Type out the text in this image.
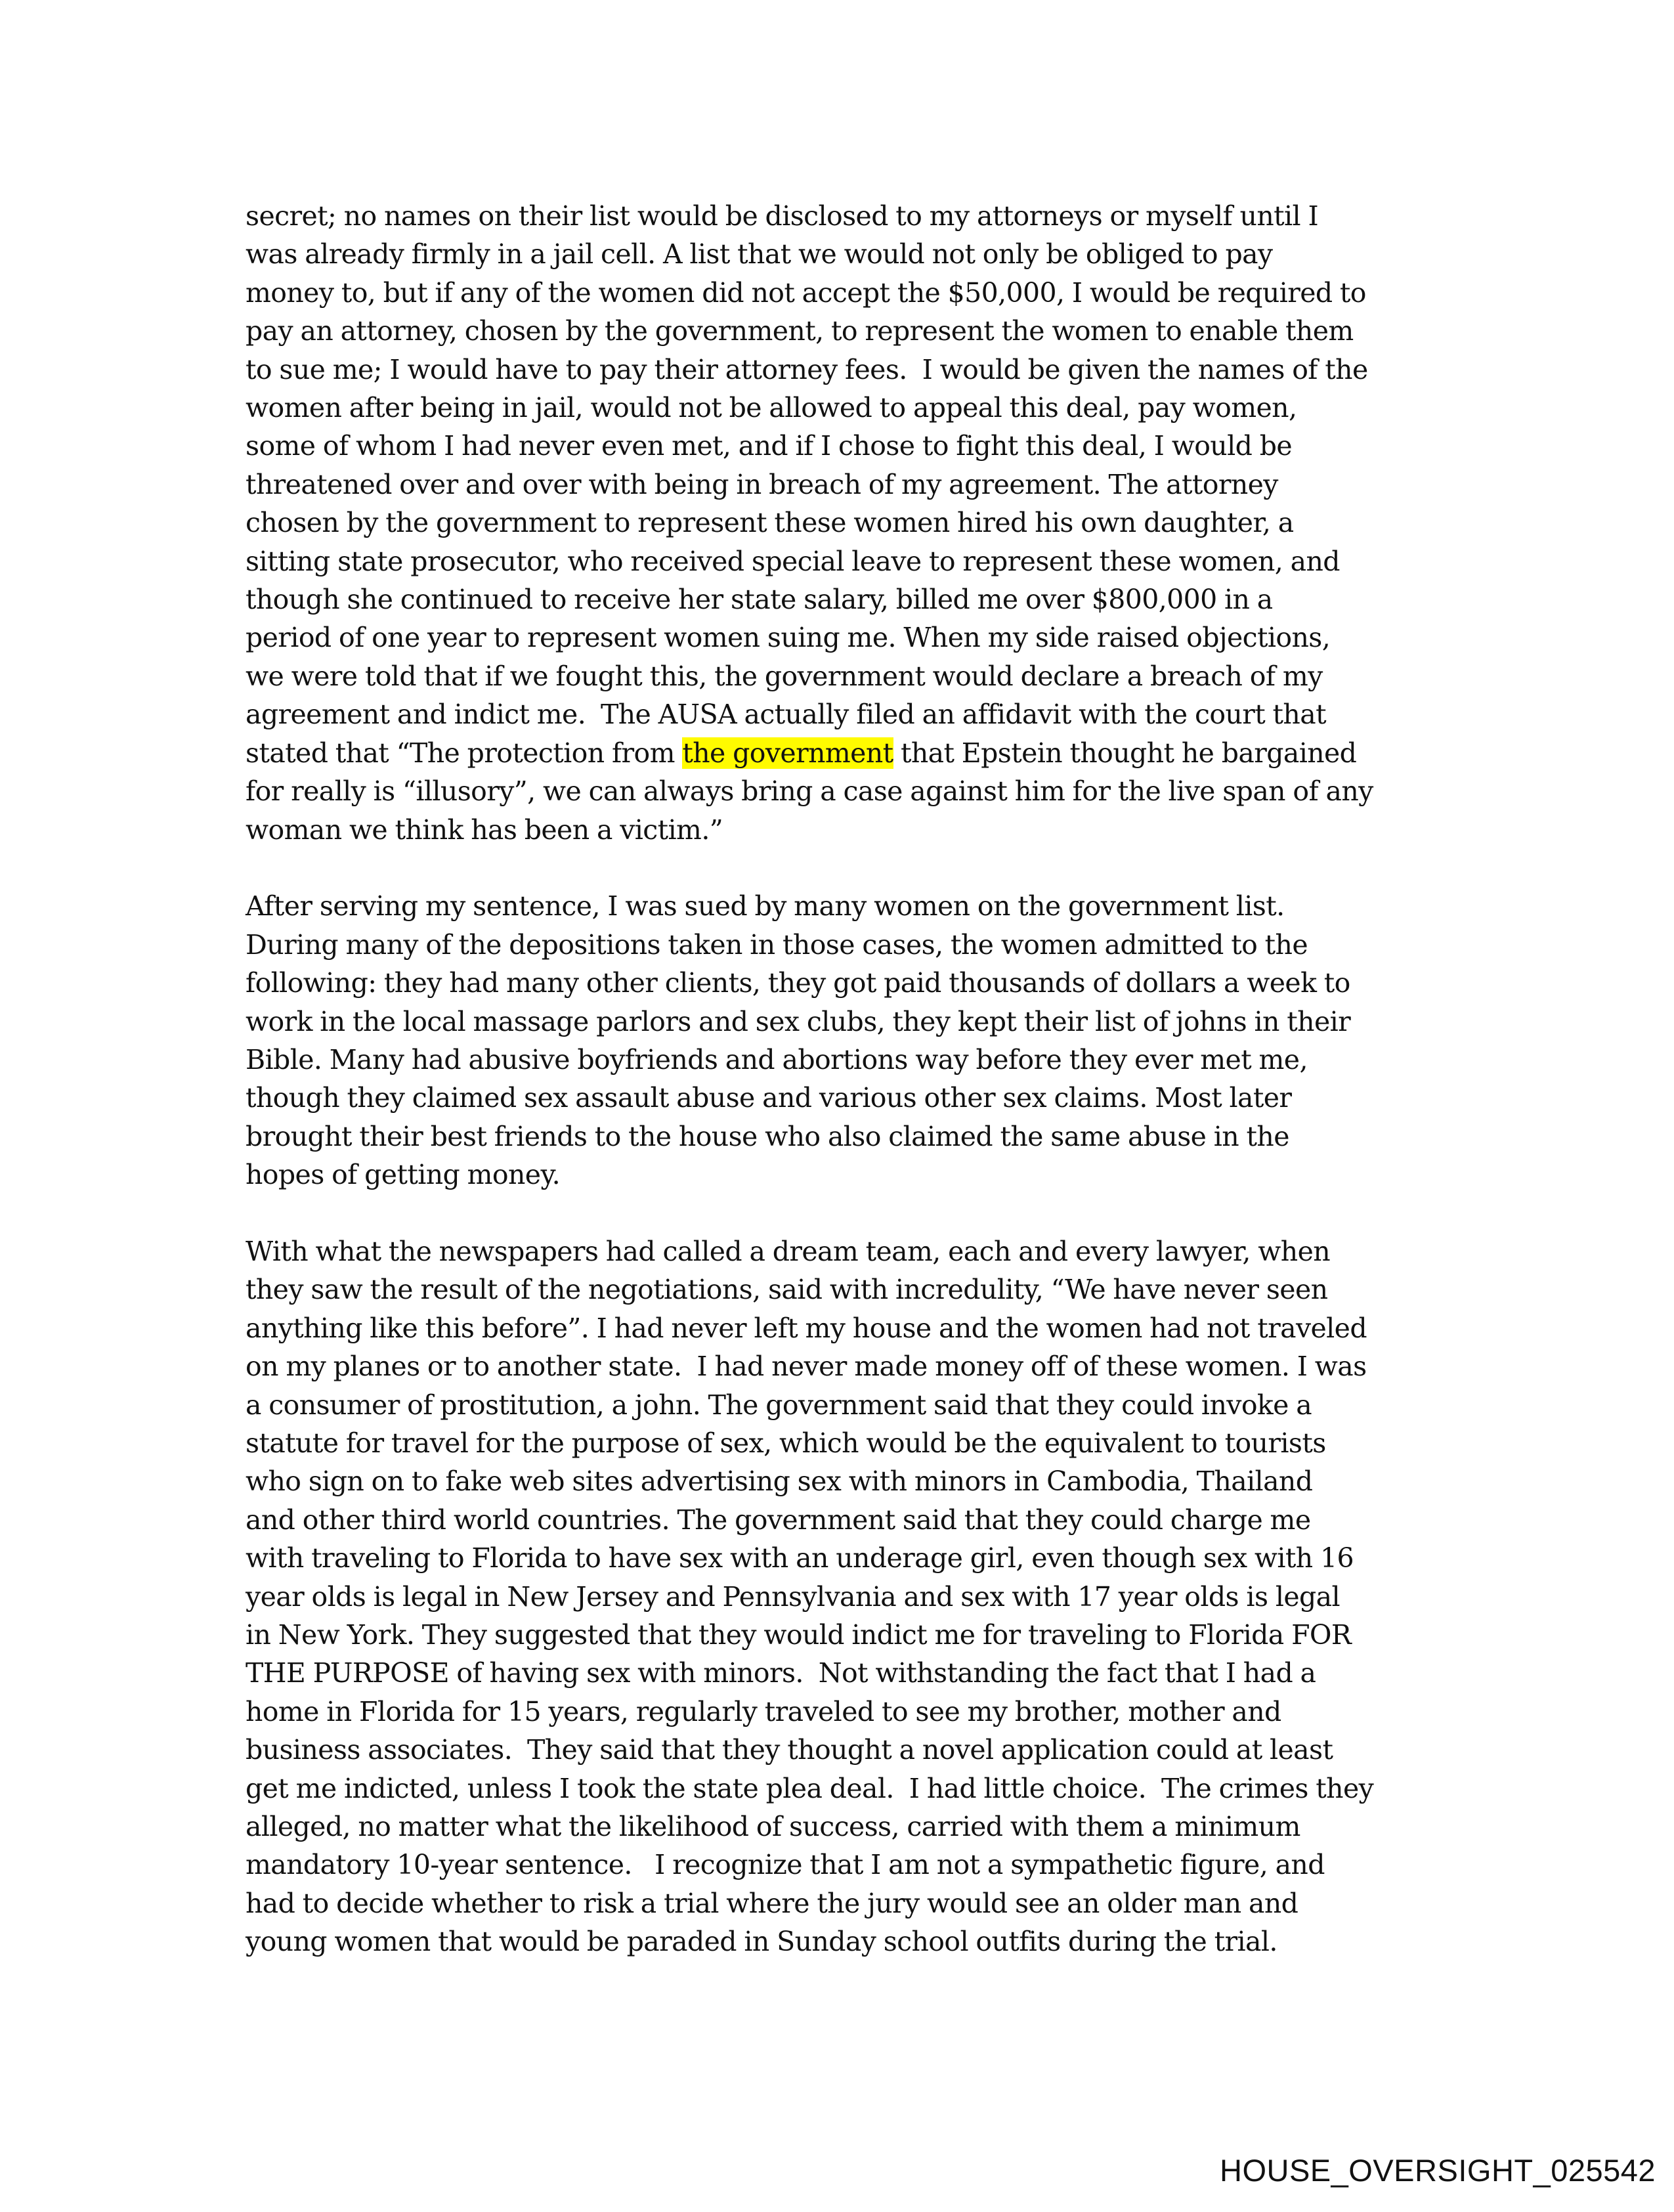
secret; no names on their list would be disclosed to my attorneys or myself until I
was already firmly in a jail cell. A list that we would not only be obliged to pay
money to, but if any of the women did not accept the $50,000, I would be required to
pay an attorney, chosen by the government, to represent the women to enable them
to sue me; I would have to pay their attorney fees.  I would be given the names of the
women after being in jail, would not be allowed to appeal this deal, pay women,
some of whom I had never even met, and if I chose to fight this deal, I would be
threatened over and over with being in breach of my agreement. The attorney
chosen by the government to represent these women hired his own daughter, a
sitting state prosecutor, who received special leave to represent these women, and
though she continued to receive her state salary, billed me over $800,000 in a
period of one year to represent women suing me. When my side raised objections,
we were told that if we fought this, the government would declare a breach of my
agreement and indict me.  The AUSA actually filed an affidavit with the court that
stated that “The protection from the government that Epstein thought he bargained
for really is “illusory”, we can always bring a case against him for the live span of any
woman we think has been a victim.”
After serving my sentence, I was sued by many women on the government list.
During many of the depositions taken in those cases, the women admitted to the
following: they had many other clients, they got paid thousands of dollars a week to
work in the local massage parlors and sex clubs, they kept their list of johns in their
Bible. Many had abusive boyfriends and abortions way before they ever met me,
though they claimed sex assault abuse and various other sex claims. Most later
brought their best friends to the house who also claimed the same abuse in the
hopes of getting money.
With what the newspapers had called a dream team, each and every lawyer, when
they saw the result of the negotiations, said with incredulity, “We have never seen
anything like this before”. I had never left my house and the women had not traveled
on my planes or to another state.  I had never made money off of these women. I was
a consumer of prostitution, a john. The government said that they could invoke a
statute for travel for the purpose of sex, which would be the equivalent to tourists
who sign on to fake web sites advertising sex with minors in Cambodia, Thailand
and other third world countries. The government said that they could charge me
with traveling to Florida to have sex with an underage girl, even though sex with 16
year olds is legal in New Jersey and Pennsylvania and sex with 17 year olds is legal
in New York. They suggested that they would indict me for traveling to Florida FOR
THE PURPOSE of having sex with minors.  Not withstanding the fact that I had a
home in Florida for 15 years, regularly traveled to see my brother, mother and
business associates.  They said that they thought a novel application could at least
get me indicted, unless I took the state plea deal.  I had little choice.  The crimes they
alleged, no matter what the likelihood of success, carried with them a minimum
mandatory 10-year sentence.   I recognize that I am not a sympathetic figure, and
had to decide whether to risk a trial where the jury would see an older man and
young women that would be paraded in Sunday school outfits during the trial.
HOUSE_OVERSIGHT_025542
